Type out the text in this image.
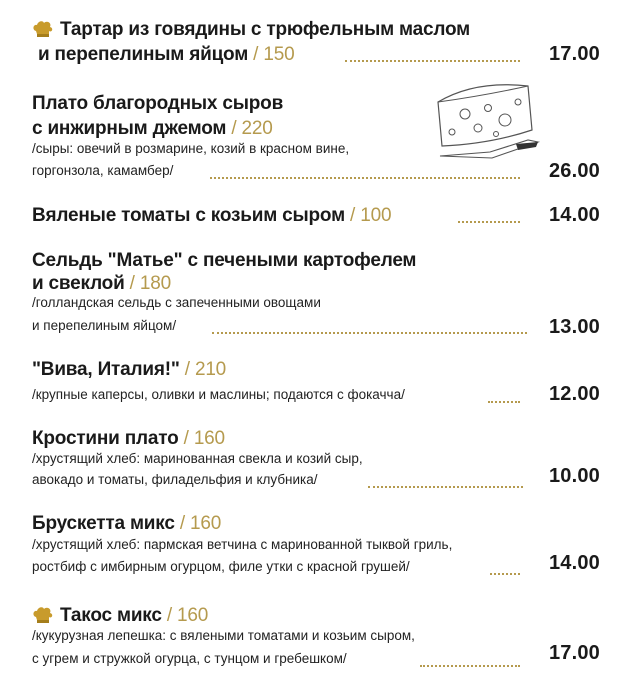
Тартар из говядины с трюфельным маслом
и перепелиным яйцом / 150	17.00
Плато благородных сыров
с инжирным джемом / 220
/сыры: овечий в розмарине, козий в красном вине,
горгонзола, камамбер/	26.00
Вяленые томаты с козьим сыром / 100	14.00
Сельдь "Матье" с печеными картофелем
и свеклой / 180
/голландская сельдь с запеченными овощами
и перепелиным яйцом/	13.00
"Вива, Италия!" / 210
/крупные каперсы, оливки и маслины; подаются с фокачча/	12.00
Кростини плато / 160
/хрустящий хлеб: маринованная свекла и козий сыр,
авокадо и томаты, филадельфия и клубника/	10.00
Брускетта микс / 160
/хрустящий хлеб: пармская ветчина с маринованной тыквой гриль,
ростбиф с имбирным огурцом, филе утки с красной грушей/	14.00
Такос микс / 160
/кукурузная лепешка: с вялеными томатами и козьим сыром,
с угрем и стружкой огурца, с тунцом и гребешком/	17.00
